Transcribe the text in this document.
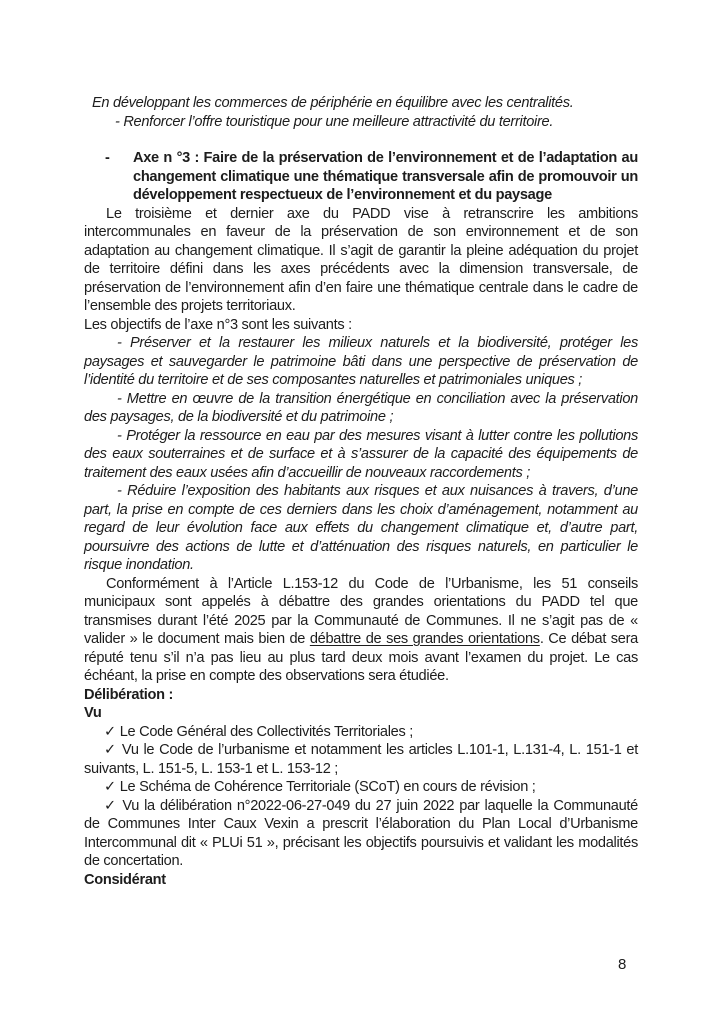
En développant les commerces de périphérie en équilibre avec les centralités.

- Renforcer l’offre touristique pour une meilleure attractivité du territoire.

- Axe n °3 : Faire de la préservation de l’environnement et de l’adaptation au changement climatique une thématique transversale afin de promouvoir un développement respectueux de l’environnement et du paysage

Le troisième et dernier axe du PADD vise à retranscrire les ambitions intercommunales en faveur de la préservation de son environnement et de son adaptation au changement climatique. Il s’agit de garantir la pleine adéquation du projet de territoire défini dans les axes précédents avec la dimension transversale, de préservation de l’environnement afin d’en faire une thématique centrale dans le cadre de l’ensemble des projets territoriaux.

Les objectifs de l’axe n°3 sont les suivants :

- Préserver et la restaurer les milieux naturels et la biodiversité, protéger les paysages et sauvegarder le patrimoine bâti dans une perspective de préservation de l’identité du territoire et de ses composantes naturelles et patrimoniales uniques ;

- Mettre en œuvre de la transition énergétique en conciliation avec la préservation des paysages, de la biodiversité et du patrimoine ;

- Protéger la ressource en eau par des mesures visant à lutter contre les pollutions des eaux souterraines et de surface et à s’assurer de la capacité des équipements de traitement des eaux usées afin d’accueillir de nouveaux raccordements ;

- Réduire l’exposition des habitants aux risques et aux nuisances à travers, d’une part, la prise en compte de ces derniers dans les choix d’aménagement, notamment au regard de leur évolution face aux effets du changement climatique et, d’autre part, poursuivre des actions de lutte et d’atténuation des risques naturels, en particulier le risque inondation.

Conformément à l’Article L.153-12 du Code de l’Urbanisme, les 51 conseils municipaux sont appelés à débattre des grandes orientations du PADD tel que transmises durant l’été 2025 par la Communauté de Communes. Il ne s’agit pas de « valider » le document mais bien de débattre de ses grandes orientations. Ce débat sera réputé tenu s’il n’a pas lieu au plus tard deux mois avant l’examen du projet. Le cas échéant, la prise en compte des observations sera étudiée.

Délibération :

Vu

✓ Le Code Général des Collectivités Territoriales ;

✓ Vu le Code de l’urbanisme et notamment les articles L.101-1, L.131-4, L. 151-1 et suivants, L. 151-5, L. 153-1 et L. 153-12 ;

✓ Le Schéma de Cohérence Territoriale (SCoT) en cours de révision ;

✓ Vu la délibération n°2022-06-27-049 du 27 juin 2022 par laquelle la Communauté de Communes Inter Caux Vexin a prescrit l’élaboration du Plan Local d’Urbanisme Intercommunal dit « PLUi 51 », précisant les objectifs poursuivis et validant les modalités de concertation.

Considérant

8
